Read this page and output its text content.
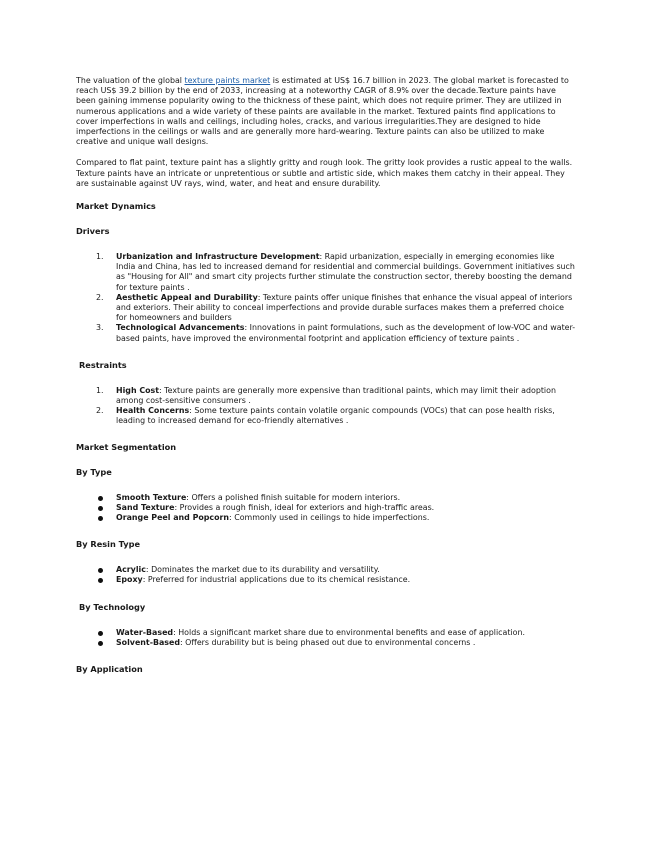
The valuation of the global texture paints market is estimated at US$ 16.7 billion in 2023. The global market is forecasted to reach US$ 39.2 billion by the end of 2033, increasing at a noteworthy CAGR of 8.9% over the decade.Texture paints have been gaining immense popularity owing to the thickness of these paint, which does not require primer. They are utilized in numerous applications and a wide variety of these paints are available in the market. Textured paints find applications to cover imperfections in walls and ceilings, including holes, cracks, and various irregularities.They are designed to hide imperfections in the ceilings or walls and are generally more hard-wearing. Texture paints can also be utilized to make creative and unique wall designs.

Compared to flat paint, texture paint has a slightly gritty and rough look. The gritty look provides a rustic appeal to the walls. Texture paints have an intricate or unpretentious or subtle and artistic side, which makes them catchy in their appeal. They are sustainable against UV rays, wind, water, and heat and ensure durability.

Market Dynamics
Drivers
1. Urbanization and Infrastructure Development: Rapid urbanization, especially in emerging economies like India and China, has led to increased demand for residential and commercial buildings. Government initiatives such as "Housing for All" and smart city projects further stimulate the construction sector, thereby boosting the demand for texture paints .
2. Aesthetic Appeal and Durability: Texture paints offer unique finishes that enhance the visual appeal of interiors and exteriors. Their ability to conceal imperfections and provide durable surfaces makes them a preferred choice for homeowners and builders
3. Technological Advancements: Innovations in paint formulations, such as the development of low-VOC and water-based paints, have improved the environmental footprint and application efficiency of texture paints .
Restraints
1. High Cost: Texture paints are generally more expensive than traditional paints, which may limit their adoption among cost-sensitive consumers .
2. Health Concerns: Some texture paints contain volatile organic compounds (VOCs) that can pose health risks, leading to increased demand for eco-friendly alternatives .
Market Segmentation
By Type
Smooth Texture: Offers a polished finish suitable for modern interiors.
Sand Texture: Provides a rough finish, ideal for exteriors and high-traffic areas.
Orange Peel and Popcorn: Commonly used in ceilings to hide imperfections.
By Resin Type
Acrylic: Dominates the market due to its durability and versatility.
Epoxy: Preferred for industrial applications due to its chemical resistance.
By Technology
Water-Based: Holds a significant market share due to environmental benefits and ease of application.
Solvent-Based: Offers durability but is being phased out due to environmental concerns .
By Application
